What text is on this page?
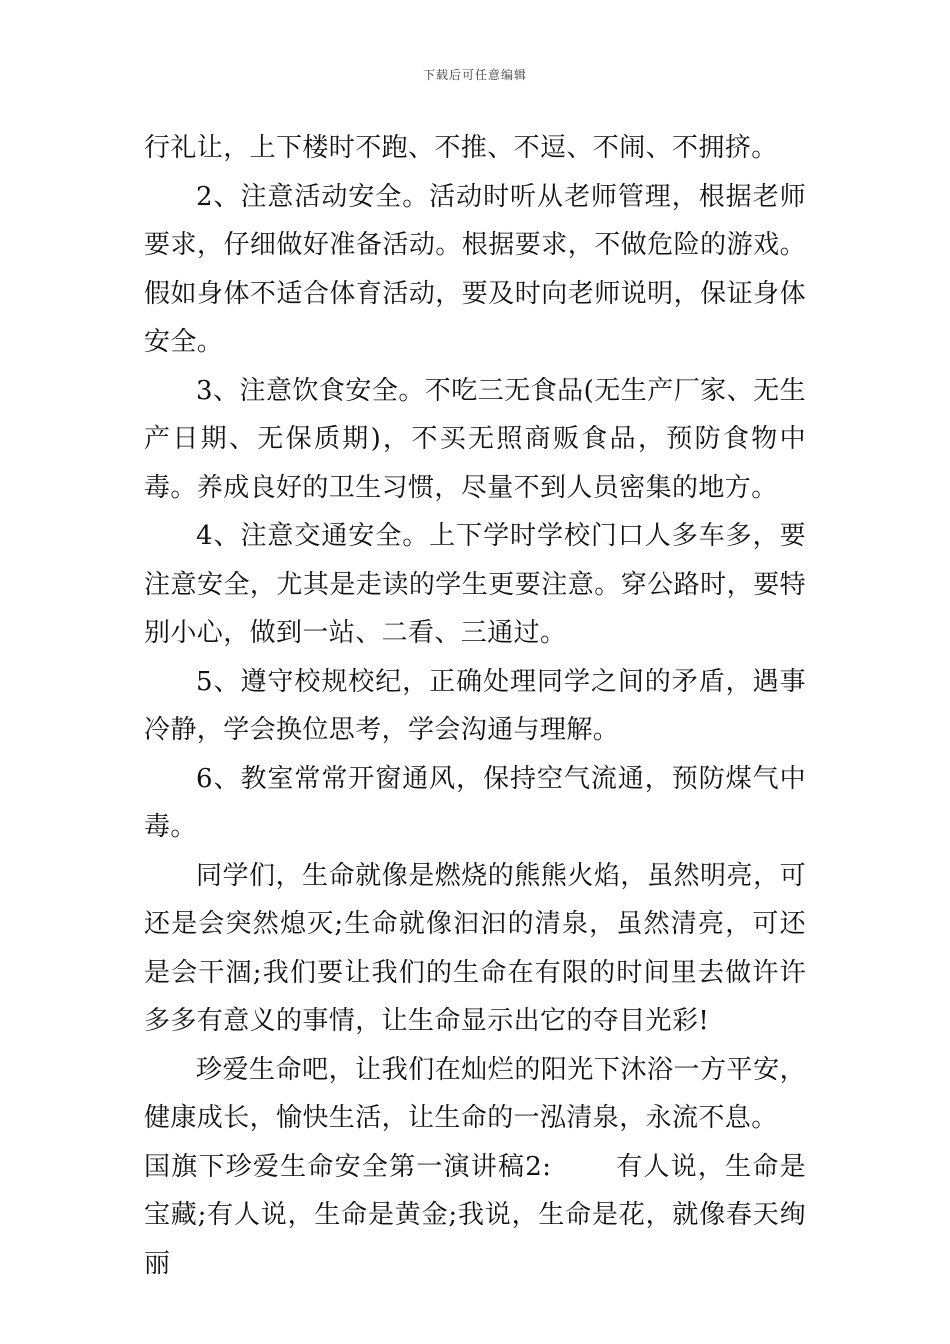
下载后可任意编辑

行礼让，上下楼时不跑、不推、不逗、不闹、不拥挤。

2、注意活动安全。活动时听从老师管理，根据老师要求，仔细做好准备活动。根据要求，不做危险的游戏。假如身体不适合体育活动，要及时向老师说明，保证身体安全。

3、注意饮食安全。不吃三无食品(无生产厂家、无生产日期、无保质期)，不买无照商贩食品，预防食物中毒。养成良好的卫生习惯，尽量不到人员密集的地方。

4、注意交通安全。上下学时学校门口人多车多，要注意安全，尤其是走读的学生更要注意。穿公路时，要特别小心，做到一站、二看、三通过。

5、遵守校规校纪，正确处理同学之间的矛盾，遇事冷静，学会换位思考，学会沟通与理解。

6、教室常常开窗通风，保持空气流通，预防煤气中毒。

同学们，生命就像是燃烧的熊熊火焰，虽然明亮，可还是会突然熄灭;生命就像汩汩的清泉，虽然清亮，可还是会干涸;我们要让我们的生命在有限的时间里去做许许多多有意义的事情，让生命显示出它的夺目光彩!

珍爱生命吧，让我们在灿烂的阳光下沐浴一方平安，健康成长，愉快生活，让生命的一泓清泉，永流不息。

国旗下珍爱生命安全第一演讲稿2: 有人说，生命是宝藏;有人说，生命是黄金;我说，生命是花，就像春天绚丽
